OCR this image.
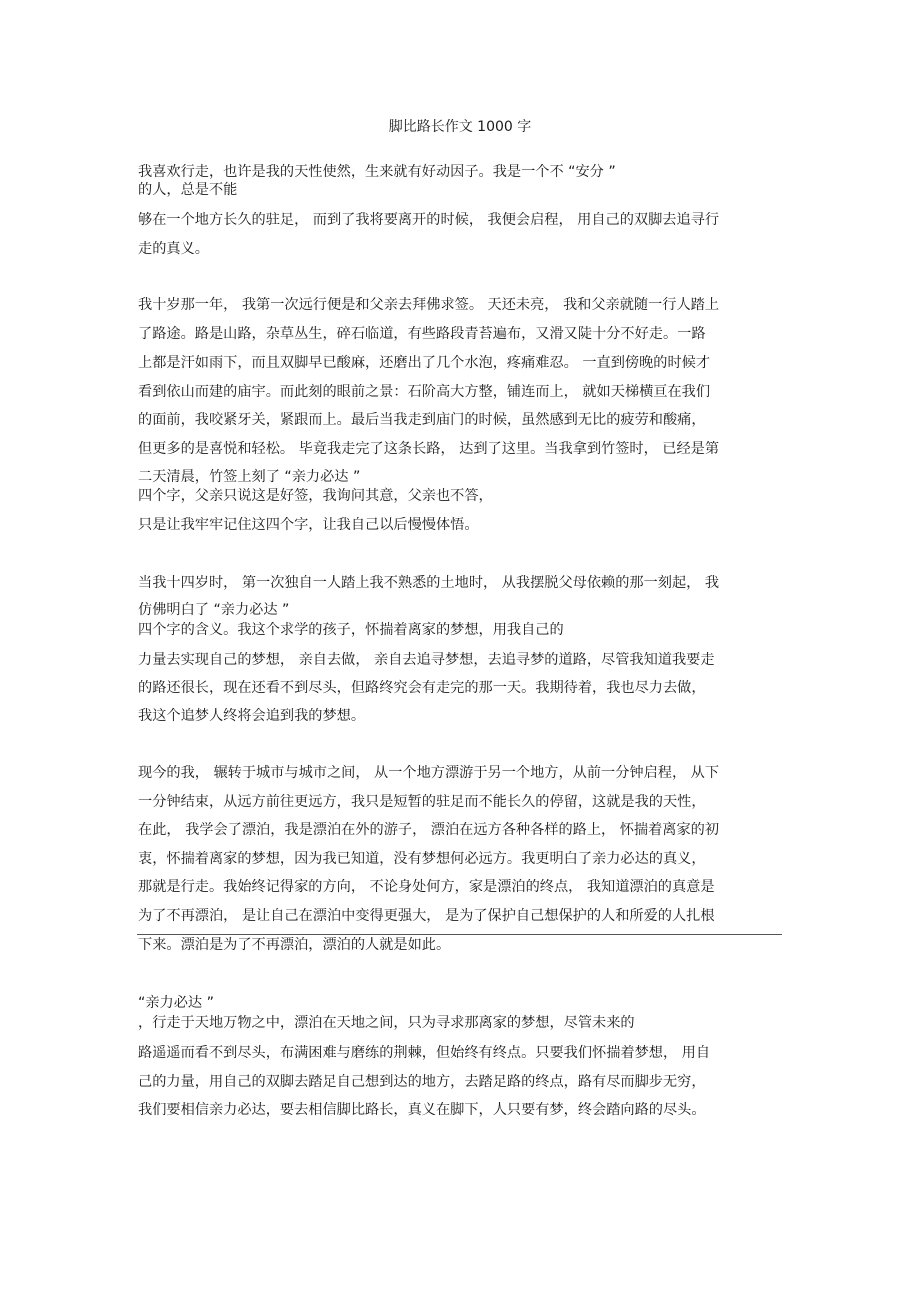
脚比路长作文 1000 字
我喜欢行走，也许是我的天性使然，生来就有好动因子。我是一个不 “安分 ”
的人，总是不能
够在一个地方长久的驻足， 而到了我将要离开的时候， 我便会启程， 用自己的双脚去追寻行
走的真义。
我十岁那一年， 我第一次远行便是和父亲去拜佛求签。 天还未亮， 我和父亲就随一行人踏上
了路途。路是山路，杂草丛生，碎石临道，有些路段青苔遍布，又滑又陡十分不好走。一路
上都是汗如雨下，而且双脚早已酸麻，还磨出了几个水泡，疼痛难忍。 一直到傍晚的时候才
看到依山而建的庙宇。而此刻的眼前之景：石阶高大方整，铺连而上， 就如天梯横亘在我们
的面前，我咬紧牙关，紧跟而上。最后当我走到庙门的时候，虽然感到无比的疲劳和酸痛，
但更多的是喜悦和轻松。 毕竟我走完了这条长路， 达到了这里。当我拿到竹签时， 已经是第
二天清晨，竹签上刻了 “亲力必达 ”
四个字，父亲只说这是好签，我询问其意，父亲也不答，
只是让我牢牢记住这四个字，让我自己以后慢慢体悟。
当我十四岁时， 第一次独自一人踏上我不熟悉的土地时， 从我摆脱父母依赖的那一刻起， 我
仿佛明白了 “亲力必达 ”
四个字的含义。我这个求学的孩子，怀揣着离家的梦想，用我自己的
力量去实现自己的梦想， 亲自去做， 亲自去追寻梦想，去追寻梦的道路，尽管我知道我要走
的路还很长，现在还看不到尽头，但路终究会有走完的那一天。我期待着，我也尽力去做，
我这个追梦人终将会追到我的梦想。
现今的我， 辗转于城市与城市之间， 从一个地方漂游于另一个地方，从前一分钟启程， 从下
一分钟结束，从远方前往更远方，我只是短暂的驻足而不能长久的停留，这就是我的天性，
在此， 我学会了漂泊，我是漂泊在外的游子， 漂泊在远方各种各样的路上， 怀揣着离家的初
衷，怀揣着离家的梦想，因为我已知道，没有梦想何必远方。我更明白了亲力必达的真义，
那就是行走。我始终记得家的方向， 不论身处何方，家是漂泊的终点， 我知道漂泊的真意是
为了不再漂泊， 是让自己在漂泊中变得更强大， 是为了保护自己想保护的人和所爱的人扎根
下来。漂泊是为了不再漂泊，漂泊的人就是如此。
“亲力必达 ”
，行走于天地万物之中，漂泊在天地之间，只为寻求那离家的梦想，尽管未来的
路遥遥而看不到尽头，布满困难与磨练的荆棘，但始终有终点。只要我们怀揣着梦想， 用自
己的力量，用自己的双脚去踏足自己想到达的地方，去踏足路的终点，路有尽而脚步无穷，
我们要相信亲力必达，要去相信脚比路长，真义在脚下，人只要有梦，终会踏向路的尽头。
